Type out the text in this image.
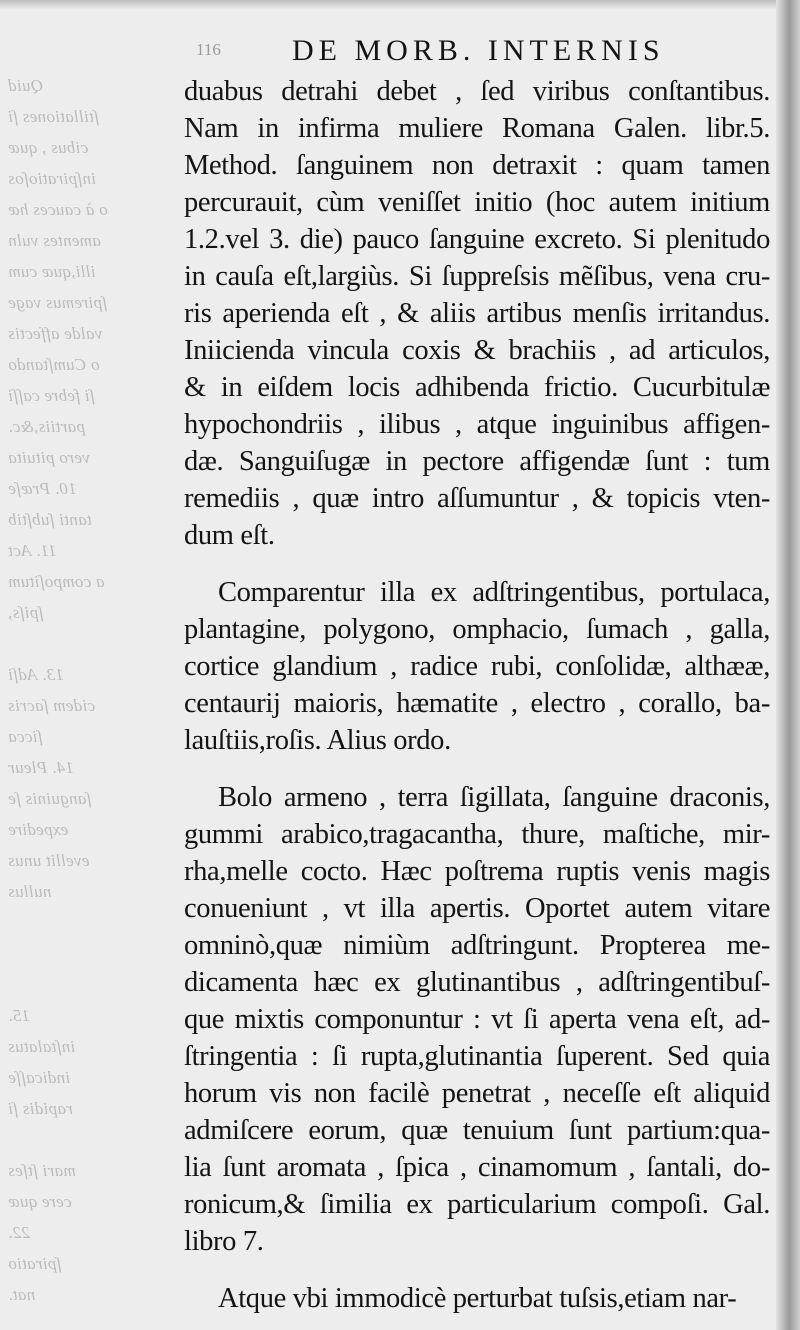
Quid
ſtillationes ſi
cibus , quæ
inſpiratioſos
o à cauces hæ
amentes vuln
illi,quæ cum
ſpiremus vage
valde affectis
o Cumſtando
ſi febre caſſi
partiis,&c.
vero pituita
10. Præſe
tanti ſubſtib
11. Act
a compoſitum
ſpiſs,

13. Adſi
cidem ſacris
ſicca
14. Pleur
ſanguinis ſe
expedire
evellit unus
nullus

15.
inſtalatus
indicaſſe
rapidis ſi

mari ſtſes
cere quæ
22.
ſpiratio
nat.
116 DE MORB. INTERNIS
duabus detrahi debet , ſed viribus conſtantibus.
Nam in infirma muliere Romana Galen. libr.5.
Method. ſanguinem non detraxit : quam tamen
percurauit, cùm veniſſet initio (hoc autem initium
1.2.vel 3. die) pauco ſanguine excreto. Si plenitudo
in cauſa eſt,largiùs. Si ſuppreſsis mẽſibus, vena cru-
ris aperienda eſt , & aliis artibus menſis irritandus.
Iniicienda vincula coxis & brachiis , ad articulos,
& in eiſdem locis adhibenda frictio. Cucurbitulæ
hypochondriis , ilibus , atque inguinibus affigen-
dæ. Sanguiſugæ in pectore affigendæ ſunt : tum
remediis , quæ intro aſſumuntur , & topicis vten-
dum eſt.
Comparentur illa ex adſtringentibus, portulaca,
plantagine, polygono, omphacio, ſumach , galla,
cortice glandium , radice rubi, conſolidæ, althææ,
centaurij maioris, hæmatite , electro , corallo, ba-
lauſtiis,roſis. Alius ordo.
Bolo armeno , terra ſigillata, ſanguine draconis,
gummi arabico,tragacantha, thure, maſtiche, mir-
rha,melle cocto. Hæc poſtrema ruptis venis magis
conueniunt , vt illa apertis. Oportet autem vitare
omninò,quæ nimiùm adſtringunt. Propterea me-
dicamenta hæc ex glutinantibus , adſtringentibuſ-
que mixtis componuntur : vt ſi aperta vena eſt, ad-
ſtringentia : ſi rupta,glutinantia ſuperent. Sed quia
horum vis non facilè penetrat , neceſſe eſt aliquid
admiſcere eorum, quæ tenuium ſunt partium:qua-
lia ſunt aromata , ſpica , cinamomum , ſantali, do-
ronicum,& ſimilia ex particularium compoſi. Gal.
libro 7.
Atque vbi immodicè perturbat tuſsis,etiam nar-
